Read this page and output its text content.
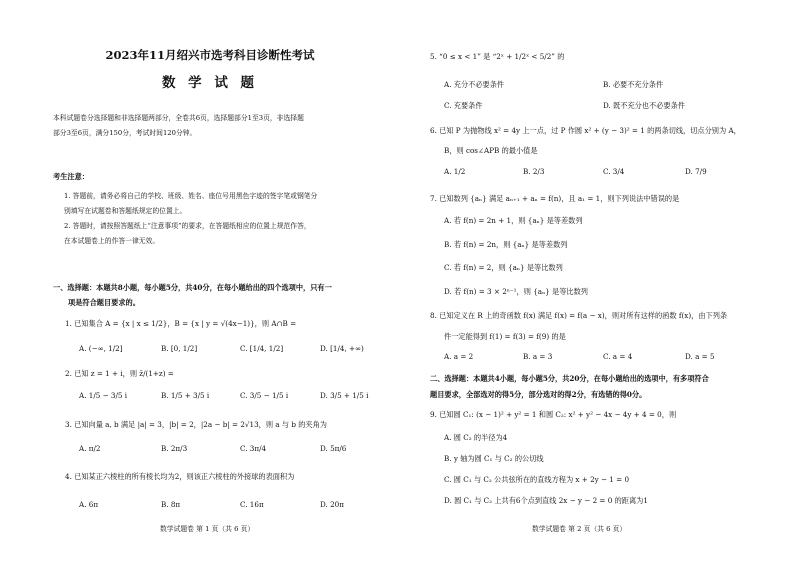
2023年11月绍兴市选考科目诊断性考试
数 学 试 题
本科试题卷分选择题和非选择题两部分，全卷共6页，选择题部分1至3页，非选择题
部分3至6页，满分150分，考试时间120分钟。
考生注意：
1. 答题前，请务必将自己的学校、班级、姓名、座位号用黑色字迹的签字笔或钢笔分
别填写在试题卷和答题纸规定的位置上。
2. 答题时，请按照答题纸上“注意事项”的要求，在答题纸相应的位置上规范作答，
在本试题卷上的作答一律无效。
一、选择题：本题共8小题，每小题5分，共40分，在每小题给出的四个选项中，只有一
项是符合题目要求的。
1. 已知集合 A = {x | x ≤ 1/2}，B = {x | y = √(4x−1)}，则 A∩B =
A. (−∞, 1/2]	B. [0, 1/2]	C. [1/4, 1/2]	D. [1/4, +∞)
2. 已知 z = 1 + i，则 z̄/(1+z) =
A. 1/5 − 3/5 i	B. 1/5 + 3/5 i	C. 3/5 − 1/5 i	D. 3/5 + 1/5 i
3. 已知向量 a, b 满足 |a| = 3，|b| = 2，|2a − b| = 2√13，则 a 与 b 的夹角为
A. π/2	B. 2π/3	C. 3π/4	D. 5π/6
4. 已知某正六棱柱的所有棱长均为2，则该正六棱柱的外接球的表面积为
A. 6π	B. 8π	C. 16π	D. 20π
数学试题卷 第 1 页（共 6 页）
5. “0 ≤ x < 1” 是 “2ˣ + 1/2ˣ < 5/2” 的
A. 充分不必要条件	B. 必要不充分条件
C. 充要条件	D. 既不充分也不必要条件
6. 已知 P 为抛物线 x² = 4y 上一点，过 P 作圆 x² + (y − 3)² = 1 的两条切线，切点分别为 A，
B，则 cos∠APB 的最小值是
A. 1/2	B. 2/3	C. 3/4	D. 7/9
7. 已知数列 {aₙ} 满足 aₙ₊₁ + aₙ = f(n)，且 a₁ = 1，则下列说法中错误的是
A. 若 f(n) = 2n + 1，则 {aₙ} 是等差数列
B. 若 f(n) = 2n，则 {aₙ} 是等差数列
C. 若 f(n) = 2，则 {aₙ} 是等比数列
D. 若 f(n) = 3 × 2ⁿ⁻¹，则 {aₙ} 是等比数列
8. 已知定义在 R 上的奇函数 f(x) 满足 f(x) = f(a − x)，则对所有这样的函数 f(x)，由下列条
件一定能得到 f(1) = f(3) = f(9) 的是
A. a = 2	B. a = 3	C. a = 4	D. a = 5
二、选择题：本题共4小题，每小题5分，共20分，在每小题给出的选项中，有多项符合
题目要求，全部选对的得5分，部分选对的得2分，有选错的得0分。
9. 已知圆 C₁: (x − 1)² + y² = 1 和圆 C₂: x² + y² − 4x − 4y + 4 = 0，则
A. 圆 C₂ 的半径为4
B. y 轴为圆 C₁ 与 C₂ 的公切线
C. 圆 C₁ 与 C₂ 公共弦所在的直线方程为 x + 2y − 1 = 0
D. 圆 C₁ 与 C₂ 上共有6个点到直线 2x − y − 2 = 0 的距离为1
数学试题卷 第 2 页（共 6 页）
